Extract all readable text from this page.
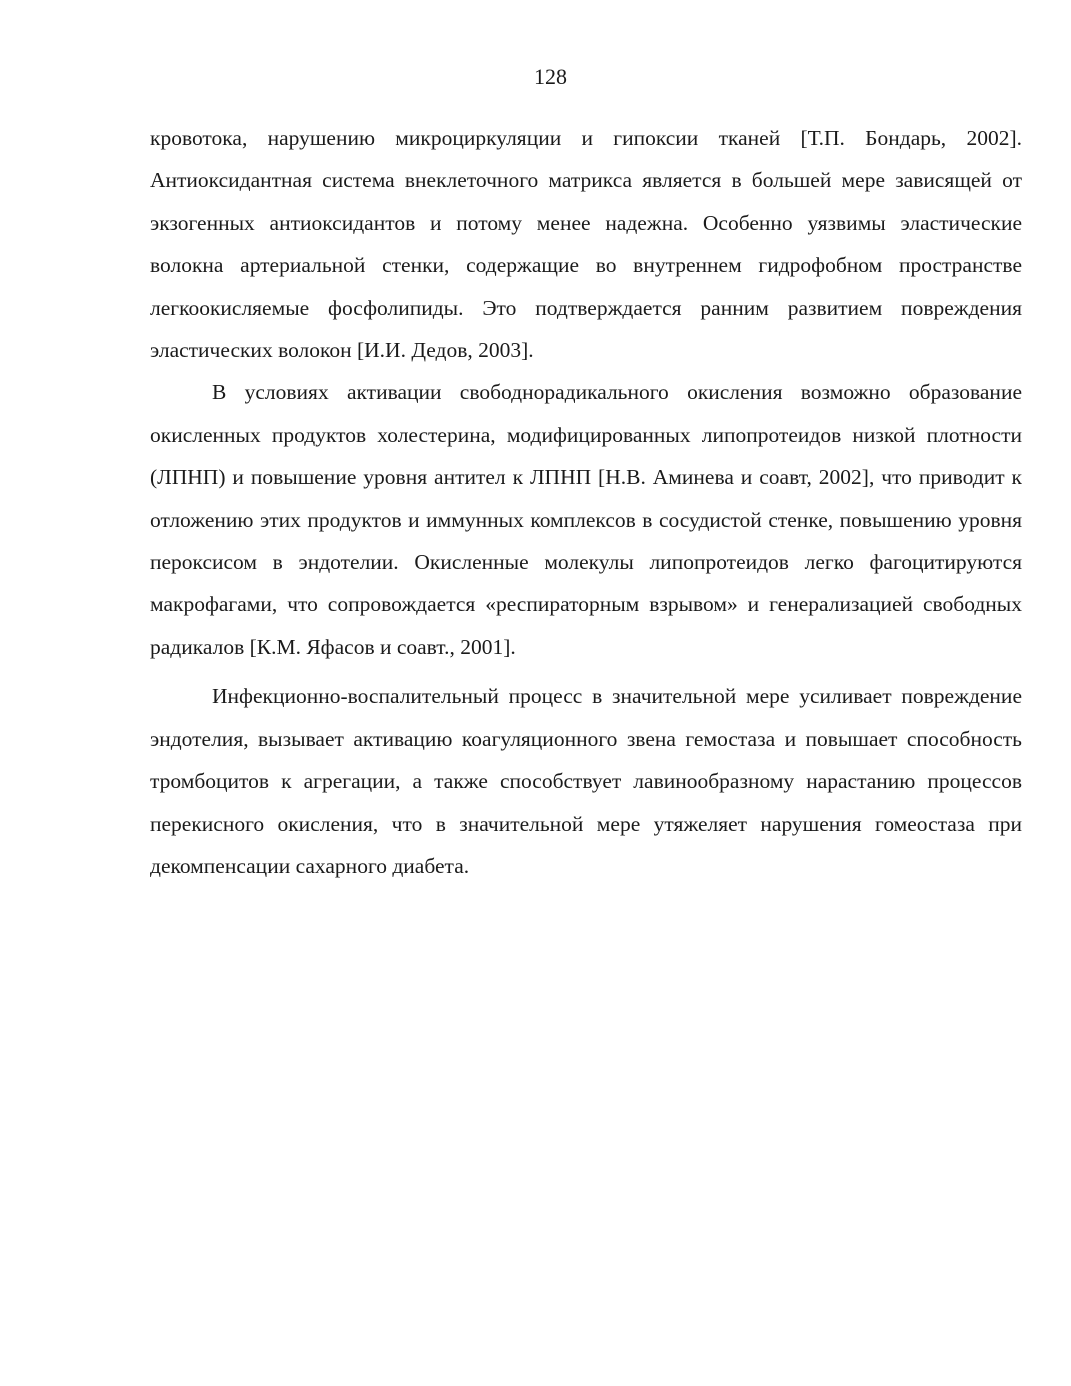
128

кровотока, нарушению микроциркуляции и гипоксии тканей [Т.П. Бондарь, 2002]. Антиоксидантная система внеклеточного матрикса является в большей мере зависящей от экзогенных антиоксидантов и потому менее надежна. Особенно уязвимы эластические волокна артериальной стенки, содержащие во внутреннем гидрофобном пространстве легкоокисляемые фосфолипиды. Это подтверждается ранним развитием повреждения эластических волокон [И.И. Дедов, 2003].

В условиях активации свободнорадикального окисления возможно образование окисленных продуктов холестерина, модифицированных липопротеидов низкой плотности (ЛПНП) и повышение уровня антител к ЛПНП [Н.В. Аминева и соавт, 2002], что приводит к отложению этих продуктов и иммунных комплексов в сосудистой стенке, повышению уровня пероксисом в эндотелии. Окисленные молекулы липопротеидов легко фагоцитируются макрофагами, что сопровождается «респираторным взрывом» и генерализацией свободных радикалов [К.М. Яфасов и соавт., 2001].

Инфекционно-воспалительный процесс в значительной мере усиливает повреждение эндотелия, вызывает активацию коагуляционного звена гемостаза и повышает способность тромбоцитов к агрегации, а также способствует лавинообразному нарастанию процессов перекисного окисления, что в значительной мере утяжеляет нарушения гомеостаза при декомпенсации сахарного диабета.
